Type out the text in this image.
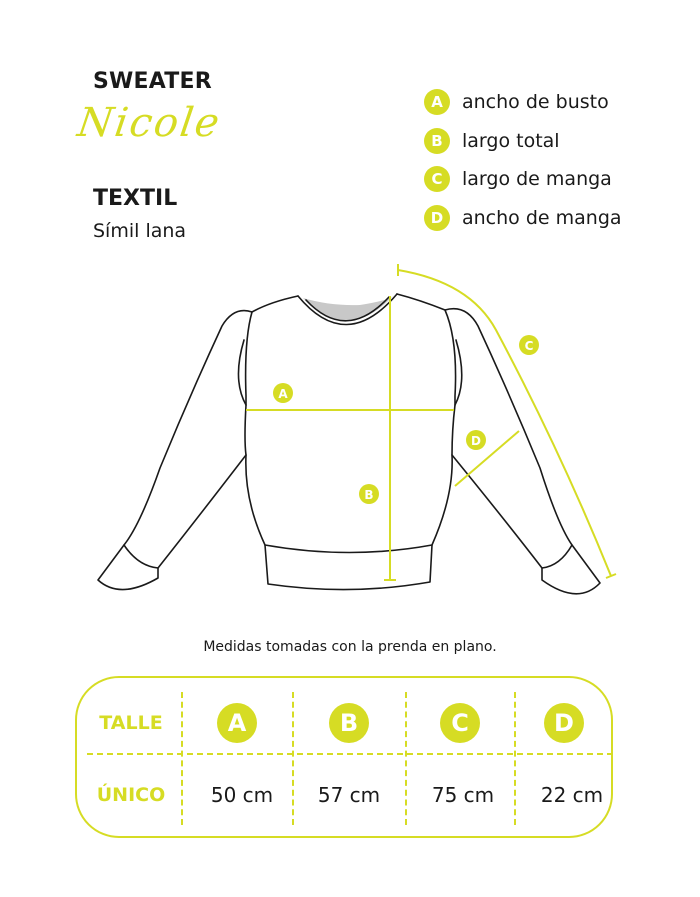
SWEATER
Nicole
TEXTIL
Símil lana
A	ancho de busto
B	largo total
C	largo de manga
D ancho de manga
A
B
C
D
Medidas tomadas con la prenda en plano.
TALLE	A	B	C	D
ÚNICO 50 cm 57 cm	75 cm 22 cm
